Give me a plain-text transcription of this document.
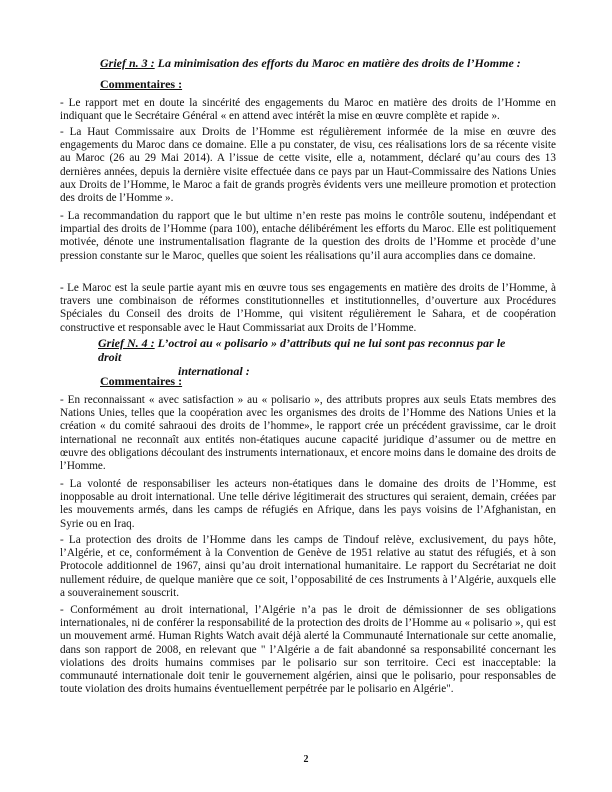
Grief n. 3 : La minimisation des efforts du Maroc en matière des droits de l’Homme :
Commentaires :

- Le rapport met en doute la sincérité des engagements du Maroc en matière des droits de l’Homme en indiquant que le Secrétaire Général « en attend avec intérêt la mise en œuvre complète et rapide ».

- La Haut Commissaire aux Droits de l’Homme est régulièrement informée de la mise en œuvre des engagements du Maroc dans ce domaine. Elle a pu constater, de visu, ces réalisations lors de sa récente visite au Maroc (26 au 29 Mai 2014). A l’issue de cette visite, elle a, notamment, déclaré qu’au cours des 13 dernières années, depuis la dernière visite effectuée dans ce pays par un Haut-Commissaire des Nations Unies aux Droits de l’Homme, le Maroc a fait de grands progrès évidents vers une meilleure promotion et protection des droits de l’Homme ».

- La recommandation du rapport que le but ultime n’en reste pas moins le contrôle soutenu, indépendant et impartial des droits de l’Homme (para 100), entache délibérément les efforts du Maroc. Elle est politiquement motivée, dénote une instrumentalisation flagrante de la question des droits de l’Homme et procède d’une pression constante sur le Maroc, quelles que soient les réalisations qu’il aura accomplies dans ce domaine.

- Le Maroc est la seule partie ayant mis en œuvre tous ses engagements en matière des droits de l’Homme, à travers une combinaison de réformes constitutionnelles et institutionnelles, d’ouverture aux Procédures Spéciales du Conseil des droits de l’Homme, qui visitent régulièrement le Sahara, et de coopération constructive et responsable avec le Haut Commissariat aux Droits de l’Homme.

Grief N. 4 : L’octroi au « polisario » d’attributs qui ne lui sont pas reconnus par le droit
international :
Commentaires :

- En reconnaissant « avec satisfaction » au « polisario », des attributs propres aux seuls Etats membres des Nations Unies, telles que la coopération avec les organismes des droits de l’Homme des Nations Unies et la création « du comité sahraoui des droits de l’homme», le rapport crée un précédent gravissime, car le droit international ne reconnaît aux entités non-étatiques aucune capacité juridique d’assumer ou de mettre en œuvre des obligations découlant des instruments internationaux, et encore moins dans le domaine des droits de l’Homme.

- La volonté de responsabiliser les acteurs non-étatiques dans le domaine des droits de l’Homme, est inopposable au droit international. Une telle dérive légitimerait des structures qui seraient, demain, créées par les mouvements armés, dans les camps de réfugiés en Afrique, dans les pays voisins de l’Afghanistan, en Syrie ou en Iraq.

- La protection des droits de l’Homme dans les camps de Tindouf relève, exclusivement, du pays hôte, l’Algérie, et ce, conformément à la Convention de Genève de 1951 relative au statut des réfugiés, et à son Protocole additionnel de 1967, ainsi qu’au droit international humanitaire. Le rapport du Secrétariat ne doit nullement réduire, de quelque manière que ce soit, l’opposabilité de ces Instruments à l’Algérie, auxquels elle a souverainement souscrit.

- Conformément au droit international, l’Algérie n’a pas le droit de démissionner de ses obligations internationales, ni de conférer la responsabilité de la protection des droits de l’Homme au « polisario », qui est un mouvement armé. Human Rights Watch avait déjà alerté la Communauté Internationale sur cette anomalie, dans son rapport de 2008, en relevant que " l’Algérie a de fait abandonné sa responsabilité concernant les violations des droits humains commises par le polisario sur son territoire. Ceci est inacceptable: la communauté internationale doit tenir le gouvernement algérien, ainsi que le polisario, pour responsables de toute violation des droits humains éventuellement perpétrée par le polisario en Algérie".

2
